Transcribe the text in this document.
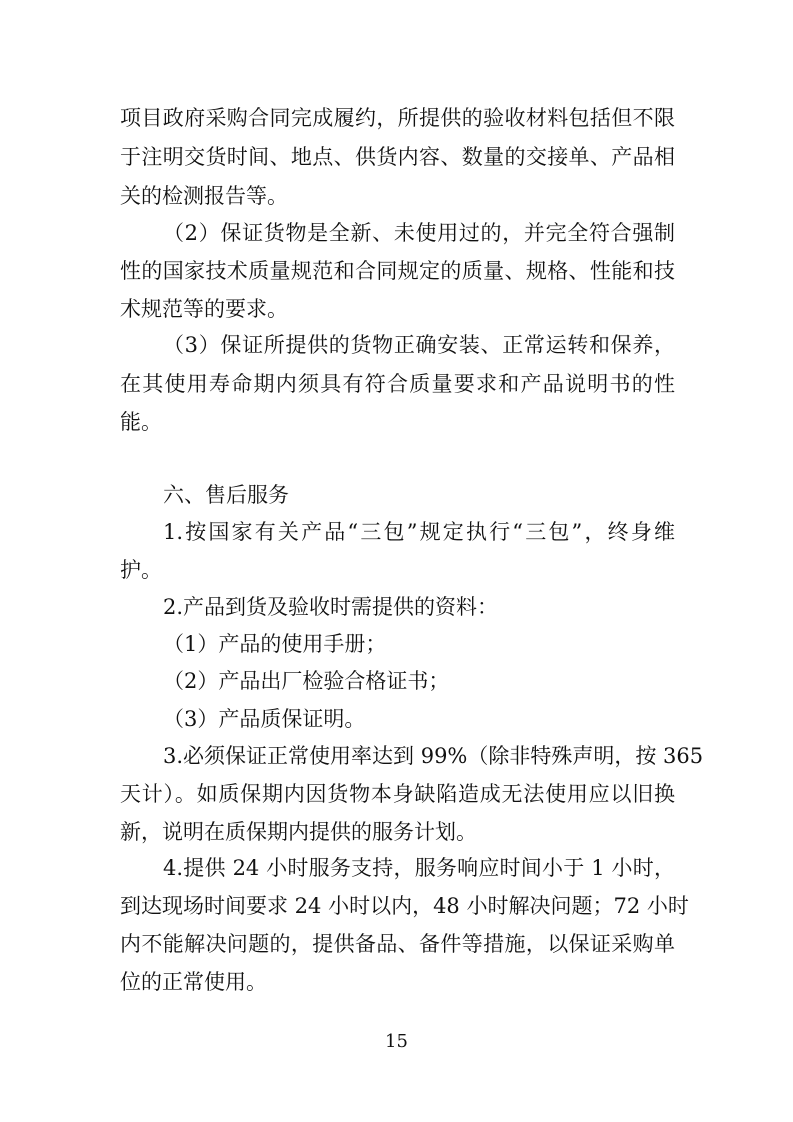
项目政府采购合同完成履约，所提供的验收材料包括但不限

于注明交货时间、地点、供货内容、数量的交接单、产品相

关的检测报告等。

（2）保证货物是全新、未使用过的，并完全符合强制

性的国家技术质量规范和合同规定的质量、规格、性能和技

术规范等的要求。

（3）保证所提供的货物正确安装、正常运转和保养，

在其使用寿命期内须具有符合质量要求和产品说明书的性

能。

六、售后服务

1.按国家有关产品“三包”规定执行“三包”，终身维

护。

2.产品到货及验收时需提供的资料：

（1）产品的使用手册；

（2）产品出厂检验合格证书；

（3）产品质保证明。

3.必须保证正常使用率达到 99%（除非特殊声明，按 365

天计）。如质保期内因货物本身缺陷造成无法使用应以旧换

新，说明在质保期内提供的服务计划。

4.提供 24 小时服务支持，服务响应时间小于 1 小时，

到达现场时间要求 24 小时以内，48 小时解决问题；72 小时

内不能解决问题的，提供备品、备件等措施，以保证采购单

位的正常使用。

15
